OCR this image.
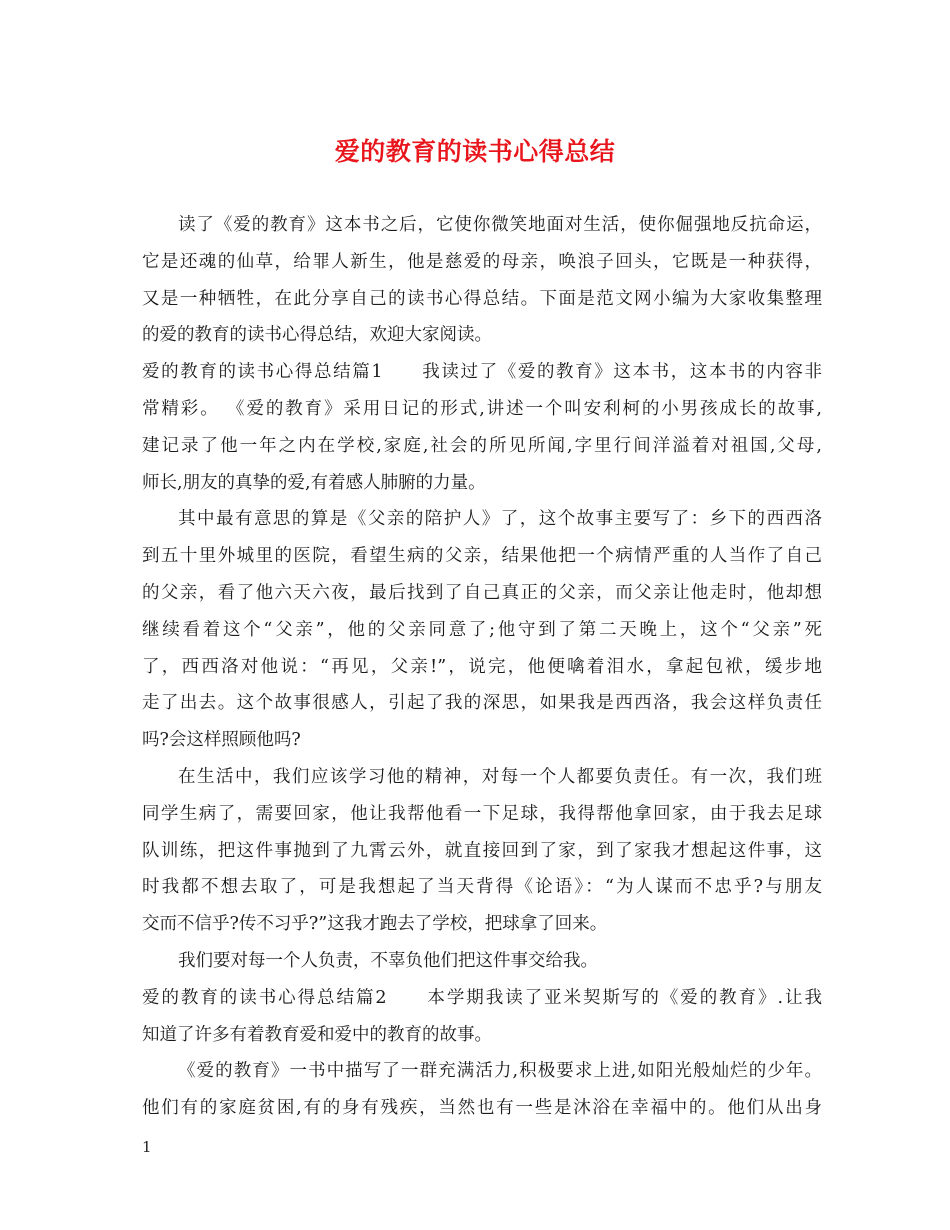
爱的教育的读书心得总结
读了《爱的教育》这本书之后，它使你微笑地面对生活，使你倔强地反抗命运，
它是还魂的仙草，给罪人新生，他是慈爱的母亲，唤浪子回头，它既是一种获得，
又是一种牺牲，在此分享自己的读书心得总结。下面是范文网小编为大家收集整理
的爱的教育的读书心得总结，欢迎大家阅读。
爱的教育的读书心得总结篇1　　我读过了《爱的教育》这本书，这本书的内容非
常精彩。 《爱的教育》采用日记的形式,讲述一个叫安利柯的小男孩成长的故事,
建记录了他一年之内在学校,家庭,社会的所见所闻,字里行间洋溢着对祖国,父母,
师长,朋友的真挚的爱,有着感人肺腑的力量。
其中最有意思的算是《父亲的陪护人》了，这个故事主要写了：乡下的西西洛
到五十里外城里的医院，看望生病的父亲，结果他把一个病情严重的人当作了自己
的父亲，看了他六天六夜，最后找到了自己真正的父亲，而父亲让他走时，他却想
继续看着这个“父亲”，他的父亲同意了;他守到了第二天晚上，这个“父亲”死
了，西西洛对他说：“再见，父亲!”，说完，他便噙着泪水，拿起包袱，缓步地
走了出去。这个故事很感人，引起了我的深思，如果我是西西洛，我会这样负责任
吗?会这样照顾他吗?
在生活中，我们应该学习他的精神，对每一个人都要负责任。有一次，我们班
同学生病了，需要回家，他让我帮他看一下足球，我得帮他拿回家，由于我去足球
队训练，把这件事抛到了九霄云外，就直接回到了家，到了家我才想起这件事，这
时我都不想去取了，可是我想起了当天背得《论语》：“为人谋而不忠乎?与朋友
交而不信乎?传不习乎?”这我才跑去了学校，把球拿了回来。
我们要对每一个人负责，不辜负他们把这件事交给我。
爱的教育的读书心得总结篇2　　本学期我读了亚米契斯写的《爱的教育》.让我
知道了许多有着教育爱和爱中的教育的故事。
《爱的教育》一书中描写了一群充满活力,积极要求上进,如阳光般灿烂的少年。
他们有的家庭贫困,有的身有残疾，当然也有一些是沐浴在幸福中的。他们从出身
1
